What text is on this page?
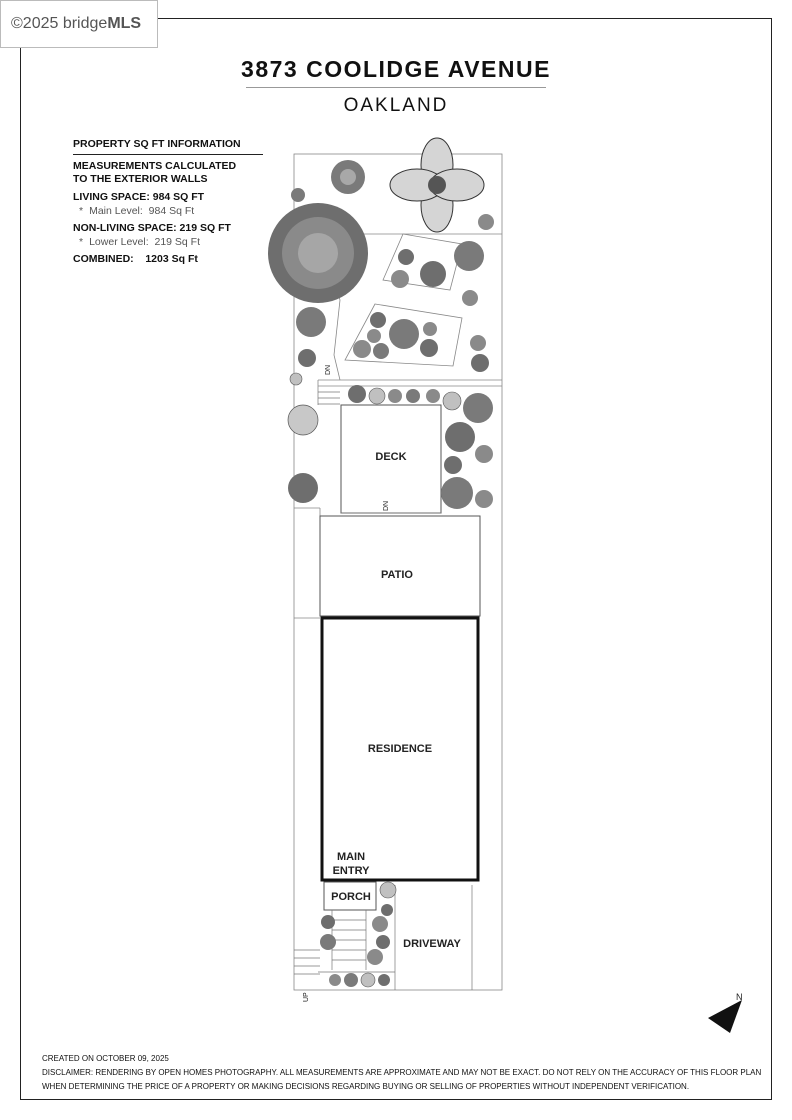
©2025 bridge MLS
3873 COOLIDGE AVENUE
OAKLAND
PROPERTY SQ FT INFORMATION
MEASUREMENTS CALCULATED
TO THE EXTERIOR WALLS
LIVING SPACE: 984 SQ FT
* Main Level: 984 Sq Ft
NON-LIVING SPACE: 219 SQ FT
* Lower Level: 219 Sq Ft
COMBINED: 1203 Sq Ft
DECK
PATIO
RESIDENCE
MAIN
ENTRY
PORCH
DRIVEWAY
DN
DN
UP	N
CREATED ON OCTOBER 09, 2025
DISCLAIMER: RENDERING BY OPEN HOMES PHOTOGRAPHY. ALL MEASUREMENTS ARE APPROXIMATE AND MAY NOT BE EXACT. DO NOT RELY ON THE ACCURACY OF THIS FLOOR PLAN
WHEN DETERMINING THE PRICE OF A PROPERTY OR MAKING DECISIONS REGARDING BUYING OR SELLING OF PROPERTIES WITHOUT INDEPENDENT VERIFICATION.
